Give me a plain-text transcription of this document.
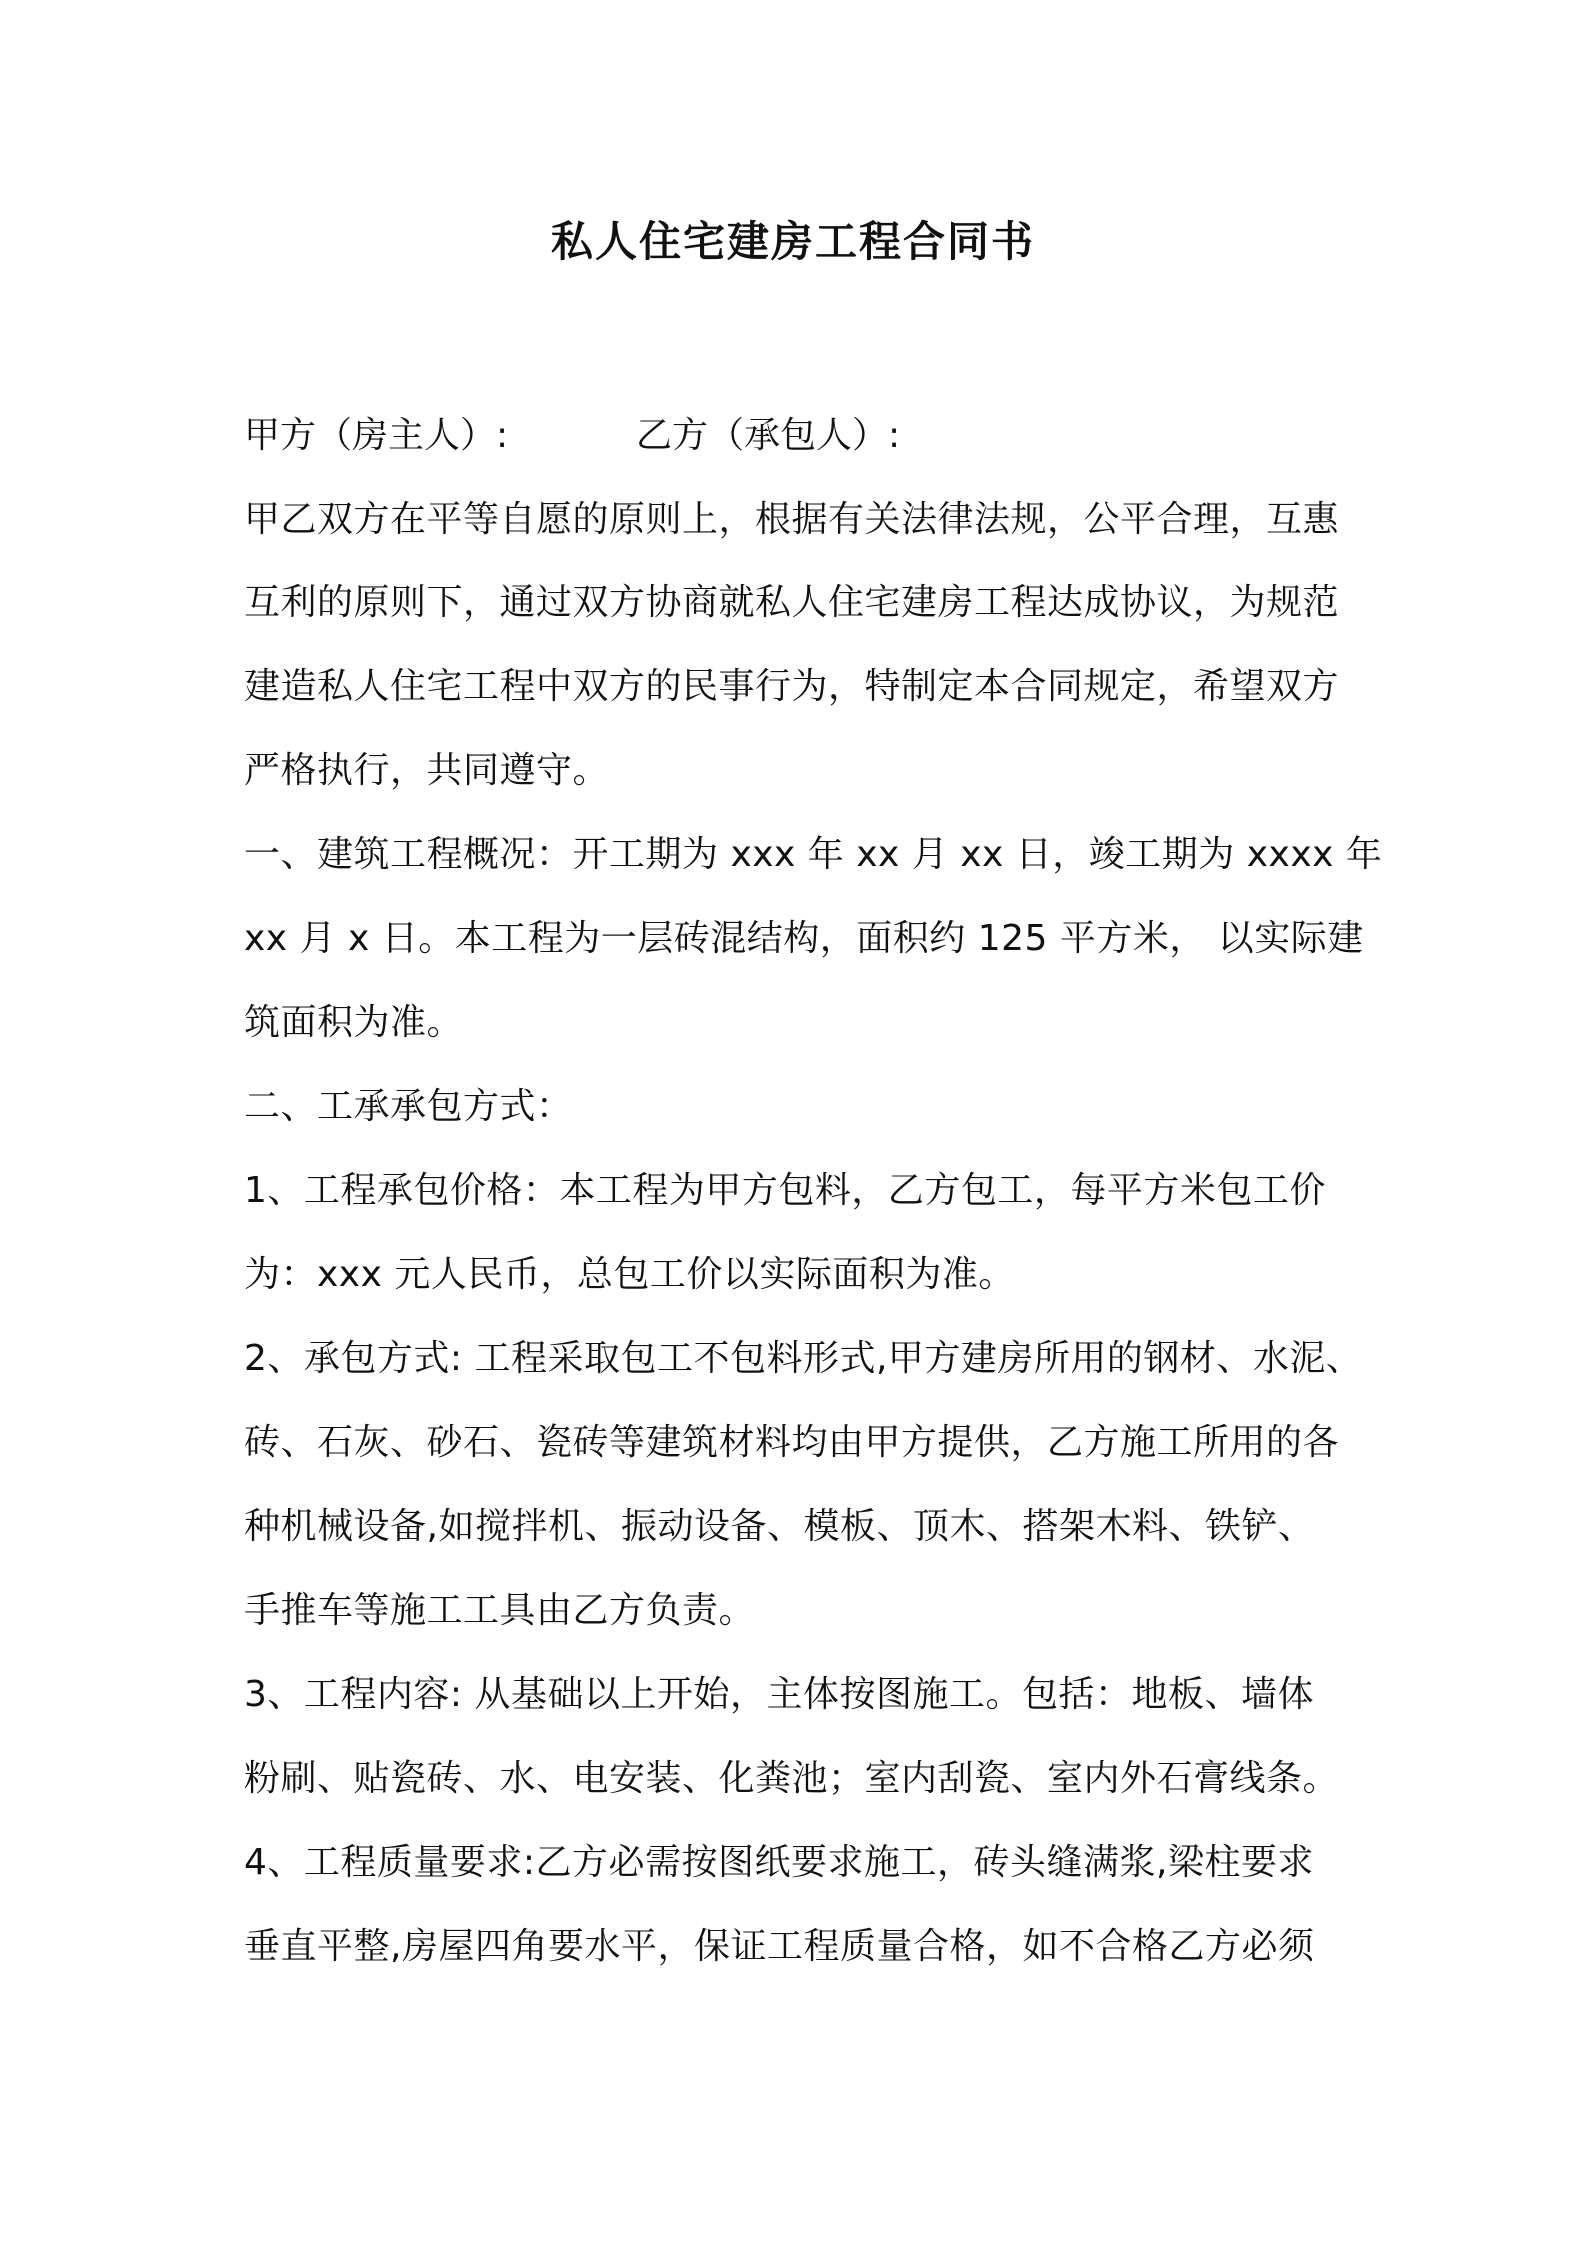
私人住宅建房工程合同书
甲方（房主人）:	乙方（承包人）:
甲乙双方在平等自愿的原则上，根据有关法律法规，公平合理，互惠
互利的原则下，通过双方协商就私人住宅建房工程达成协议，为规范
建造私人住宅工程中双方的民事行为，特制定本合同规定，希望双方
严格执行，共同遵守。
一、建筑工程概况：开工期为 xxx 年 xx 月 xx 日，竣工期为 xxxx 年
xx 月 x 日。本工程为一层砖混结构，面积约 125 平方米， 以实际建
筑面积为准。
二、工承承包方式：
1、工程承包价格：本工程为甲方包料，乙方包工，每平方米包工价
为：xxx 元人民币，总包工价以实际面积为准。
2、承包方式: 工程采取包工不包料形式,甲方建房所用的钢材、水泥、
砖、石灰、砂石、瓷砖等建筑材料均由甲方提供，乙方施工所用的各
种机械设备,如搅拌机、振动设备、模板、顶木、搭架木料、铁铲、
手推车等施工工具由乙方负责。
3、工程内容: 从基础以上开始，主体按图施工。包括：地板、墙体
粉刷、贴瓷砖、水、电安装、化粪池；室内刮瓷、室内外石膏线条。
4、工程质量要求:乙方必需按图纸要求施工，砖头缝满浆,梁柱要求
垂直平整,房屋四角要水平，保证工程质量合格，如不合格乙方必须
